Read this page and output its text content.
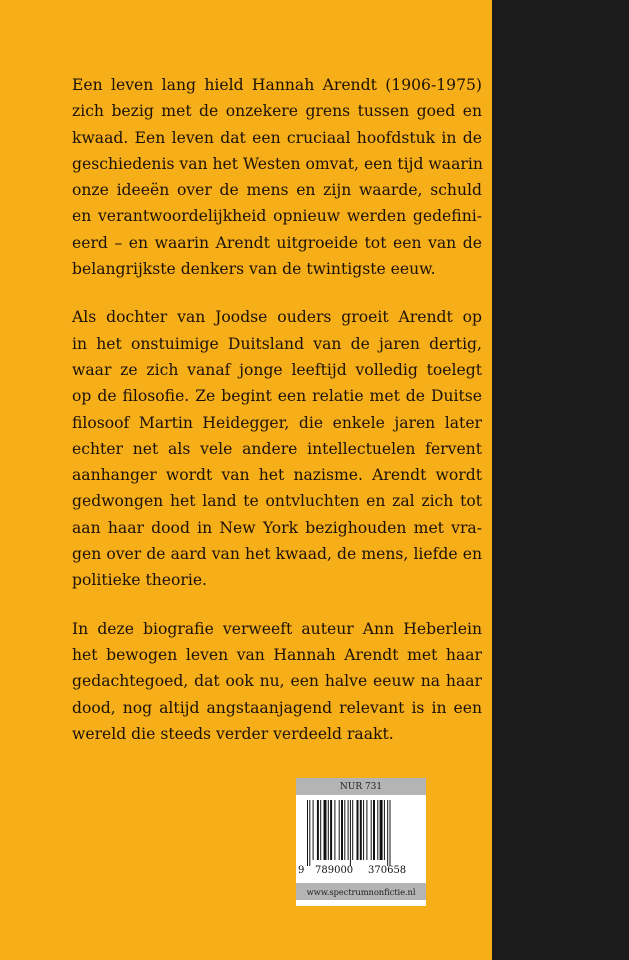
Een leven lang hield Hannah Arendt (1906-1975)
zich bezig met de onzekere grens tussen goed en
kwaad. Een leven dat een cruciaal hoofdstuk in de
geschiedenis van het Westen omvat, een tijd waarin
onze ideeën over de mens en zijn waarde, schuld
en verantwoordelijkheid opnieuw werden gedefini-
eerd – en waarin Arendt uitgroeide tot een van de
belangrijkste denkers van de twintigste eeuw.

Als dochter van Joodse ouders groeit Arendt op
in het onstuimige Duitsland van de jaren dertig,
waar ze zich vanaf jonge leeftijd volledig toelegt
op de filosofie. Ze begint een relatie met de Duitse
filosoof Martin Heidegger, die enkele jaren later
echter net als vele andere intellectuelen fervent
aanhanger wordt van het nazisme. Arendt wordt
gedwongen het land te ontvluchten en zal zich tot
aan haar dood in New York bezighouden met vra-
gen over de aard van het kwaad, de mens, liefde en
politieke theorie.

In deze biografie verweeft auteur Ann Heberlein
het bewogen leven van Hannah Arendt met haar
gedachtegoed, dat ook nu, een halve eeuw na haar
dood, nog altijd angstaanjagend relevant is in een
wereld die steeds verder verdeeld raakt.

NUR 731
9 789000 370658
www.spectrumnonfictie.nl
